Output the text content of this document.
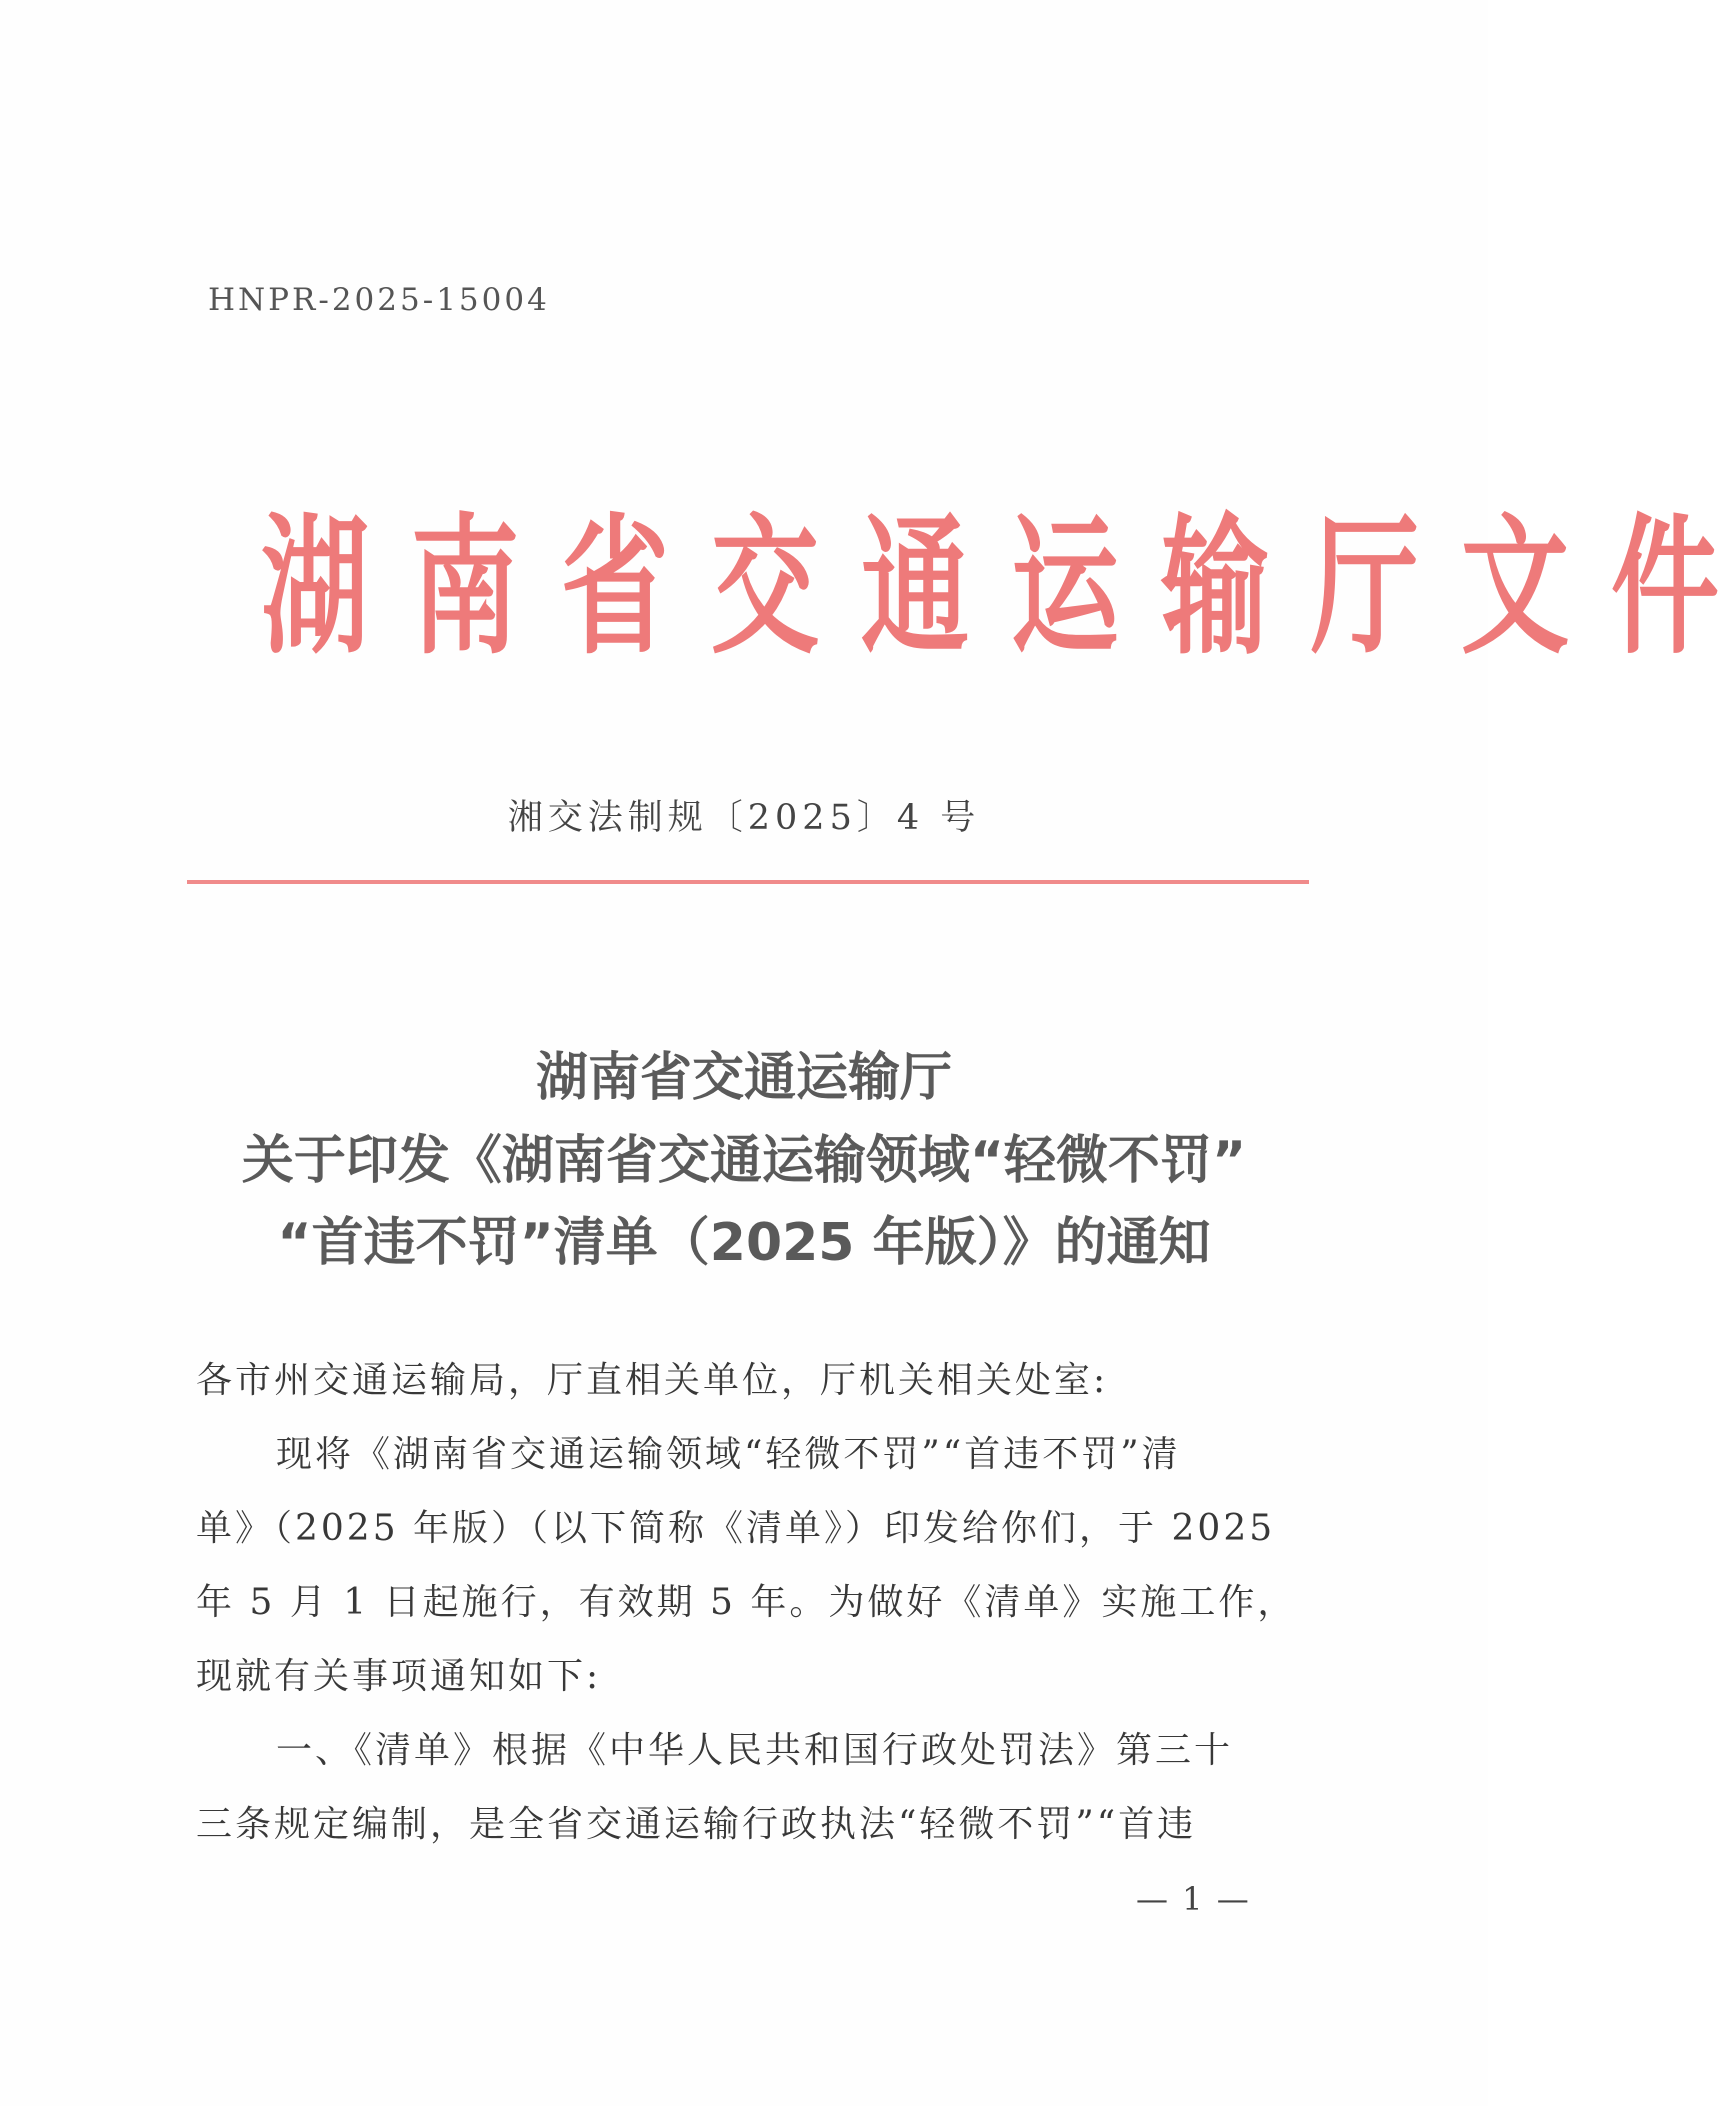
HNPR-2025-15004
湖 南 省 交 通 运 输 厅 文 件
湘交法制规〔2025〕4 号
湖南省交通运输厅
关于印发《湖南省交通运输领域“轻微不罚”
“首违不罚”清单（2025 年版）》的通知
各市州交通运输局，厅直相关单位，厅机关相关处室:
现将《湖南省交通运输领域“轻微不罚”“首违不罚”清
单》（2025 年版）（以下简称《清单》）印发给你们，于 2025
年 5 月 1 日起施行，有效期 5 年。为做好《清单》实施工作，
现就有关事项通知如下:
一、《清单》根据《中华人民共和国行政处罚法》第三十
三条规定编制，是全省交通运输行政执法“轻微不罚”“首违
— 1 —
